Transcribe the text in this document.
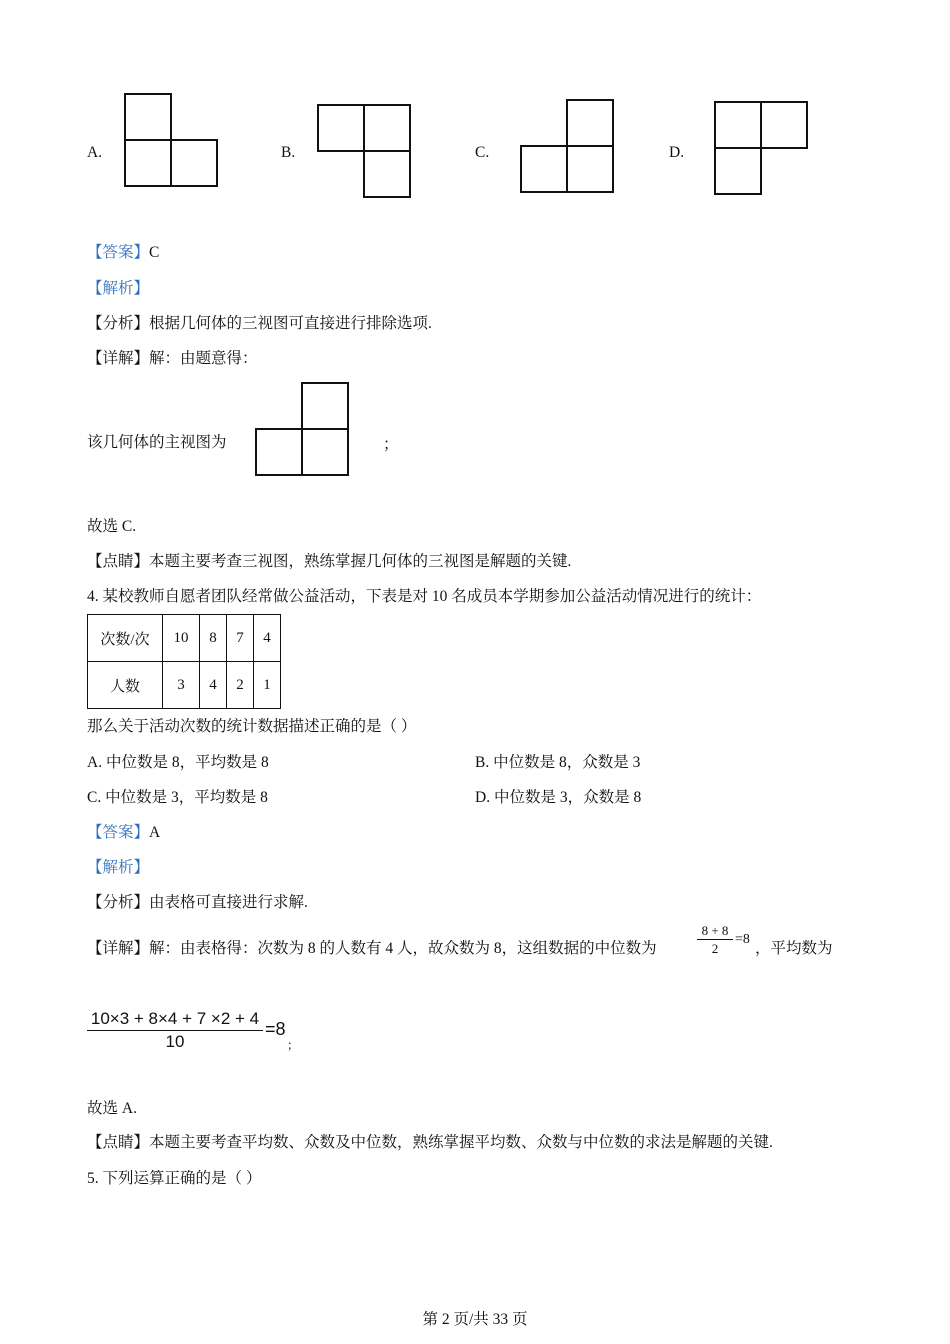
A.	B.	C.	D.
【答案】C
【解析】
【分析】根据几何体的三视图可直接进行排除选项.
【详解】解：由题意得：
该几何体的主视图为	；
故选 C.
【点睛】本题主要考查三视图，熟练掌握几何体的三视图是解题的关键.
4. 某校教师自愿者团队经常做公益活动，下表是对 10 名成员本学期参加公益活动情况进行的统计：
次数/次	10	8	7	4
人数	3	4	2	1
那么关于活动次数的统计数据描述正确的是（ ）
A. 中位数是 8，平均数是 8	B. 中位数是 8，众数是 3
C. 中位数是 3，平均数是 8	D. 中位数是 3，众数是 8
【答案】A
【解析】
【分析】由表格可直接进行求解.
【详解】解：由表格得：次数为 8 的人数有 4 人，故众数为 8，这组数据的中位数为
8 + 8
2
=8
，平均数为
10×3 + 8×4 + 7 ×2 + 4
10
=8
；
故选 A.
【点睛】本题主要考查平均数、众数及中位数，熟练掌握平均数、众数与中位数的求法是解题的关键.
5. 下列运算正确的是（ ）
第 2 页/共 33 页
